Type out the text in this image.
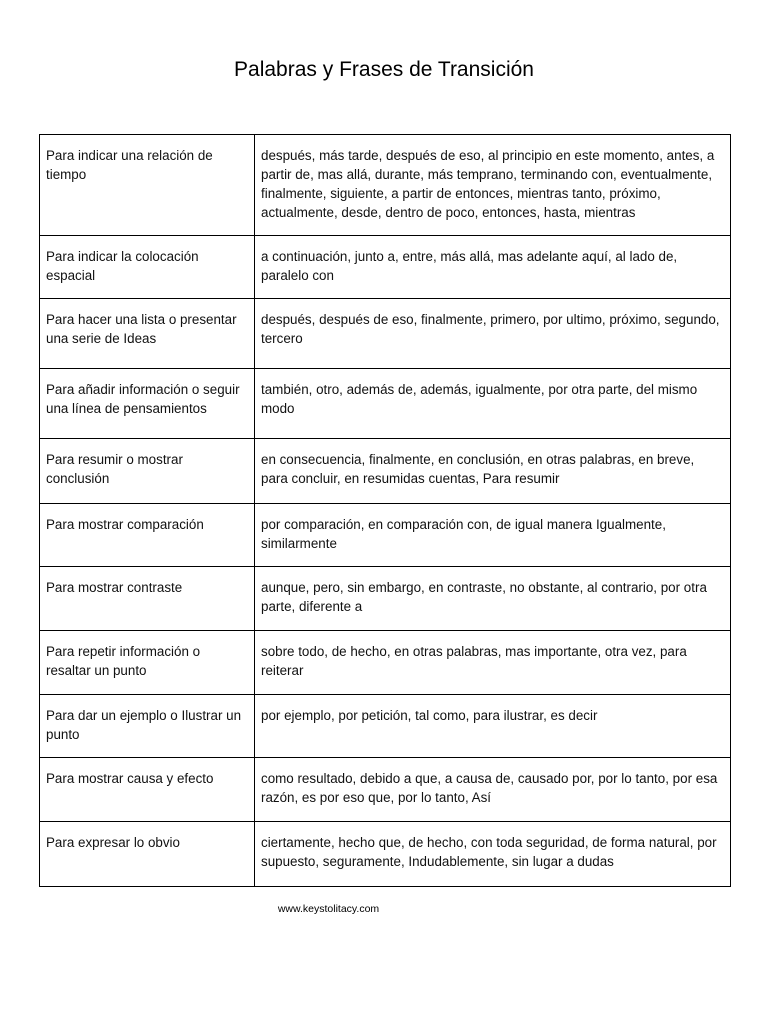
Palabras y Frases de Transición
Para indicar una relación de tiempo	después, más tarde, después de eso, al principio en este momento, antes, a partir de, mas allá, durante, más temprano, terminando con, eventualmente, finalmente, siguiente, a partir de entonces, mientras tanto, próximo, actualmente, desde, dentro de poco, entonces, hasta, mientras
Para indicar la colocación espacial	a continuación, junto a, entre, más allá, mas adelante aquí, al lado de, paralelo con
Para hacer una lista o presentar una serie de Ideas	después, después de eso, finalmente, primero, por ultimo, próximo, segundo, tercero
Para añadir información o seguir una línea de pensamientos	también, otro, además de, además, igualmente, por otra parte, del mismo modo
Para resumir o mostrar conclusión	en consecuencia, finalmente, en conclusión, en otras palabras, en breve, para concluir, en resumidas cuentas, Para resumir
Para mostrar comparación	por comparación, en comparación con, de igual manera Igualmente, similarmente
Para mostrar contraste	aunque, pero, sin embargo, en contraste, no obstante, al contrario, por otra parte, diferente a
Para repetir información o resaltar un punto	sobre todo, de hecho, en otras palabras, mas importante, otra vez, para reiterar
Para dar un ejemplo o Ilustrar un punto	por ejemplo, por petición, tal como, para ilustrar, es decir
Para mostrar causa y efecto	como resultado, debido a que, a causa de, causado por, por lo tanto, por esa razón, es por eso que, por lo tanto, Así
Para expresar lo obvio	ciertamente, hecho que, de hecho, con toda seguridad, de forma natural, por supuesto, seguramente, Indudablemente, sin lugar a dudas
www.keystolitacy.com
